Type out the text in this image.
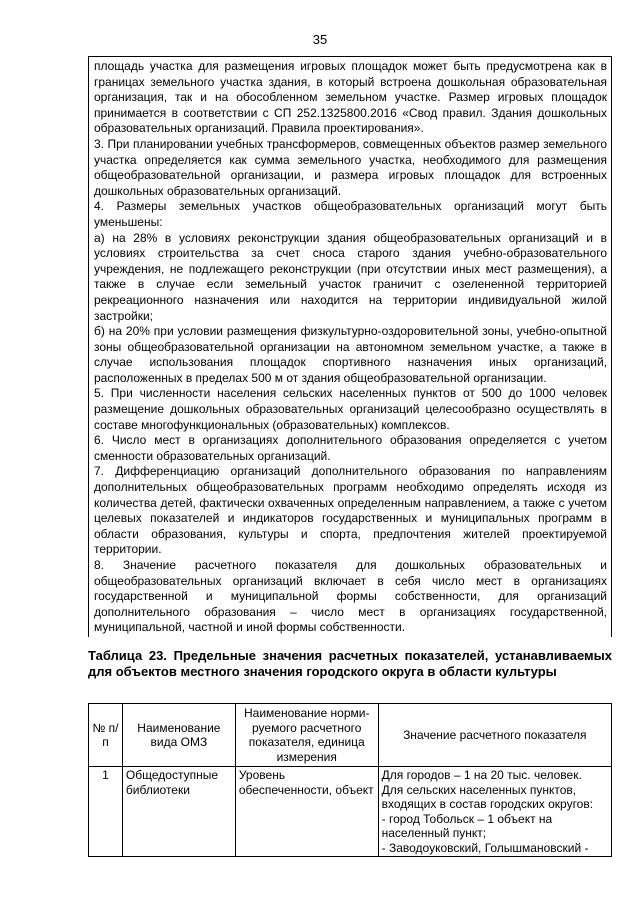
35

площадь участка для размещения игровых площадок может быть предусмотрена как в границах земельного участка здания, в который встроена дошкольная образовательная организация, так и на обособленном земельном участке. Размер игровых площадок принимается в соответствии с СП 252.1325800.2016 «Свод правил. Здания дошкольных образовательных организаций. Правила проектирования».

3. При планировании учебных трансформеров, совмещенных объектов размер земельного участка определяется как сумма земельного участка, необходимого для размещения общеобразовательной организации, и размера игровых площадок для встроенных дошкольных образовательных организаций.

4. Размеры земельных участков общеобразовательных организаций могут быть уменьшены:

а) на 28% в условиях реконструкции здания общеобразовательных организаций и в условиях строительства за счет сноса старого здания учебно-образовательного учреждения, не подлежащего реконструкции (при отсутствии иных мест размещения), а также в случае если земельный участок граничит с озелененной территорией рекреационного назначения или находится на территории индивидуальной жилой застройки;

б) на 20% при условии размещения физкультурно-оздоровительной зоны, учебно-опытной зоны общеобразовательной организации на автономном земельном участке, а также в случае использования площадок спортивного назначения иных организаций, расположенных в пределах 500 м от здания общеобразовательной организации.

5. При численности населения сельских населенных пунктов от 500 до 1000 человек размещение дошкольных образовательных организаций целесообразно осуществлять в составе многофункциональных (образовательных) комплексов.

6. Число мест в организациях дополнительного образования определяется с учетом сменности образовательных организаций.

7. Дифференциацию организаций дополнительного образования по направлениям дополнительных общеобразовательных программ необходимо определять исходя из количества детей, фактически охваченных определенным направлением, а также с учетом целевых показателей и индикаторов государственных и муниципальных программ в области образования, культуры и спорта, предпочтения жителей проектируемой территории.

8. Значение расчетного показателя для дошкольных образовательных и общеобразовательных организаций включает в себя число мест в организациях государственной и муниципальной формы собственности, для организаций дополнительного образования – число мест в организациях государственной, муниципальной, частной и иной формы собственности.

Таблица 23. Предельные значения расчетных показателей, устанавливаемых для объектов местного значения городского округа в области культуры
№ п/п	Наименование вида ОМЗ	Наименование норми-руемого расчетного показателя, единица измерения	Значение расчетного показателя
1	Общедоступные библиотеки	Уровень обеспеченности, объект	Для городов – 1 на 20 тыс. человек.
Для сельских населенных пунктов, входящих в состав городских округов:
- город Тобольск – 1 объект на населенный пункт;
- Заводоуковский, Голышмановский -
